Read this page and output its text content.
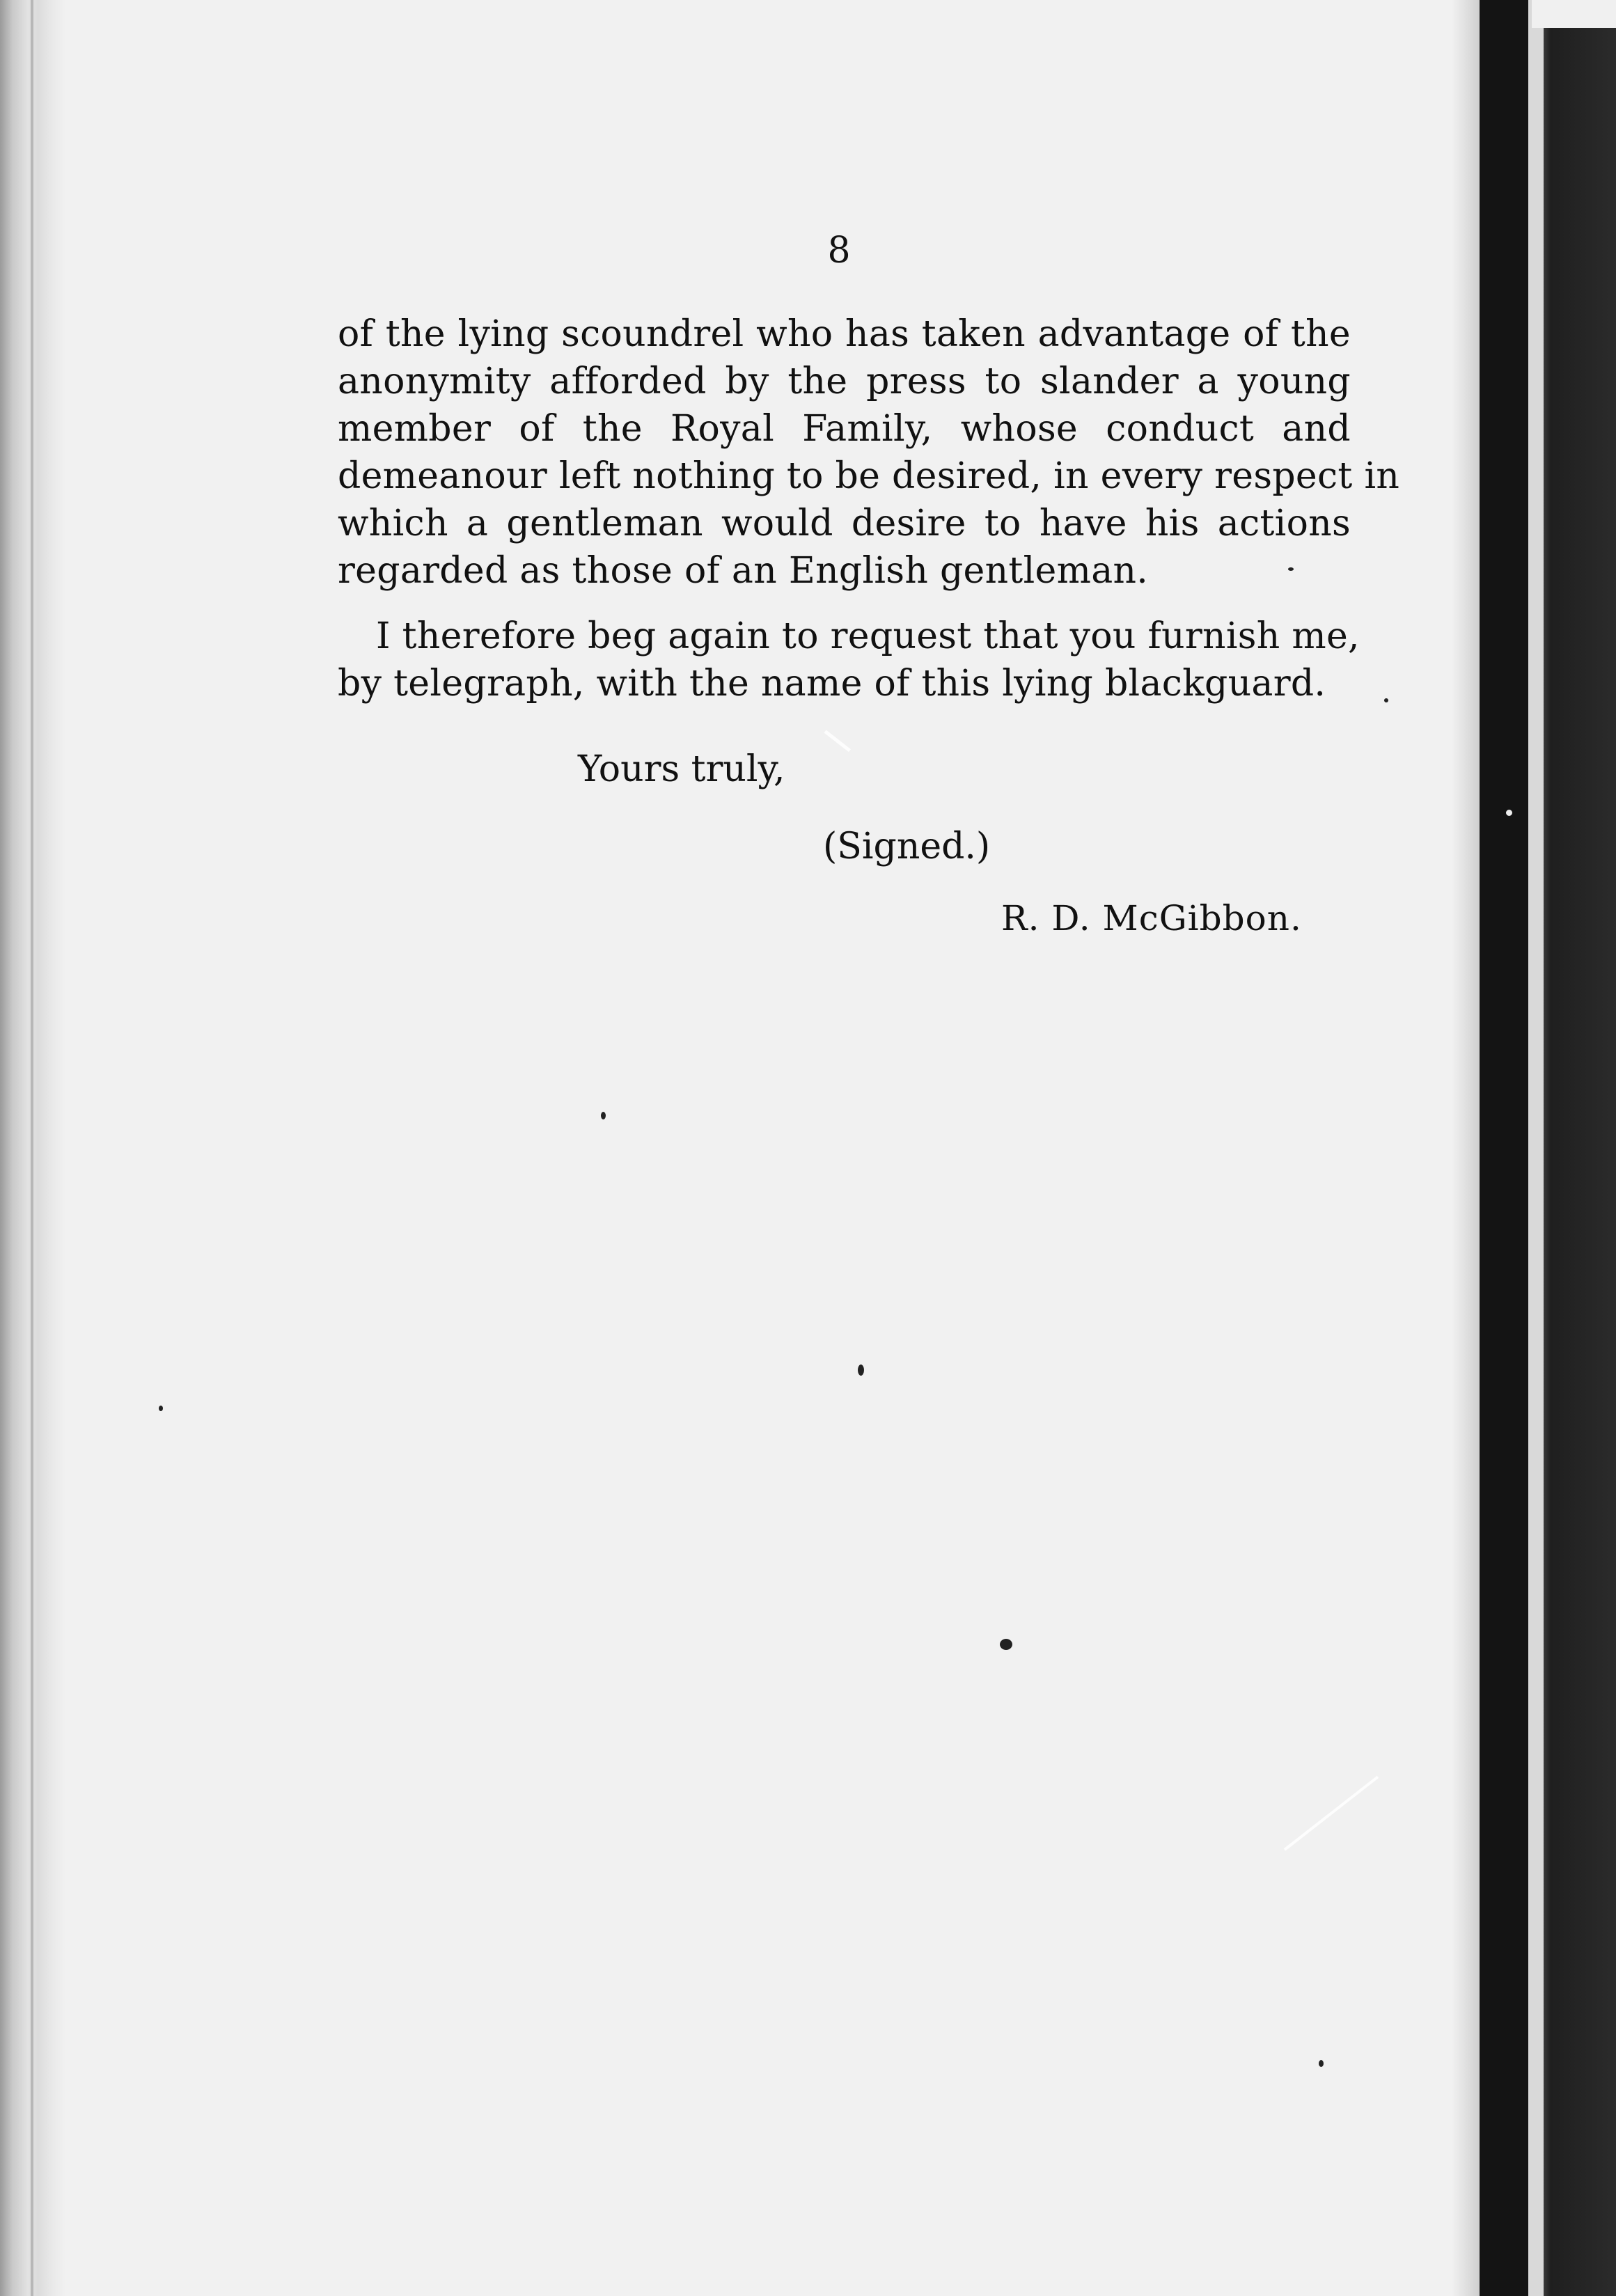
8
of the lying scoundrel who has taken advantage of the
anonymity afforded by the press to slander a young
member of the Royal Family, whose conduct and
demeanour left nothing to be desired, in every respect in
which a gentleman would desire to have his actions
regarded as those of an English gentleman.
I therefore beg again to request that you furnish me,
by telegraph, with the name of this lying blackguard.
Yours truly,
(Signed.)
R. D. McGibbon.
